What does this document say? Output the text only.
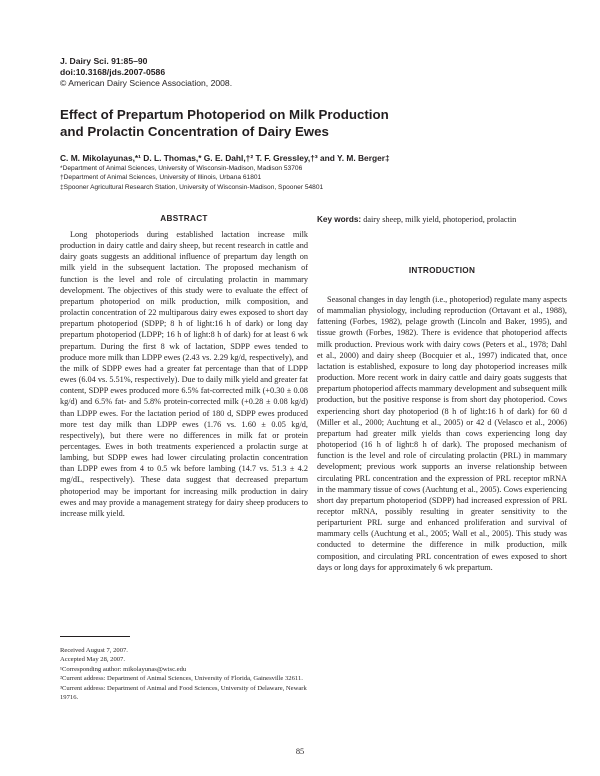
J. Dairy Sci. 91:85–90
doi:10.3168/jds.2007-0586
© American Dairy Science Association, 2008.
Effect of Prepartum Photoperiod on Milk Production
and Prolactin Concentration of Dairy Ewes
C. M. Mikolayunas,*¹ D. L. Thomas,* G. E. Dahl,†² T. F. Gressley,†³ and Y. M. Berger‡
*Department of Animal Sciences, University of Wisconsin-Madison, Madison 53706
†Department of Animal Sciences, University of Illinois, Urbana 61801
‡Spooner Agricultural Research Station, University of Wisconsin-Madison, Spooner 54801
ABSTRACT

Long photoperiods during established lactation increase milk production in dairy cattle and dairy sheep, but recent research in cattle and dairy goats suggests an additional influence of prepartum day length on milk yield in the subsequent lactation. The proposed mechanism of function is the level and role of circulating prolactin in mammary development. The objectives of this study were to evaluate the effect of prepartum photoperiod on milk production, milk composition, and prolactin concentration of 22 multiparous dairy ewes exposed to short day prepartum photoperiod (SDPP; 8 h of light:16 h of dark) or long day prepartum photoperiod (LDPP; 16 h of light:8 h of dark) for at least 6 wk prepartum. During the first 8 wk of lactation, SDPP ewes tended to produce more milk than LDPP ewes (2.43 vs. 2.29 kg/d, respectively), and the milk of SDPP ewes had a greater fat percentage than that of LDPP ewes (6.04 vs. 5.51%, respectively). Due to daily milk yield and greater fat content, SDPP ewes produced more 6.5% fat-corrected milk (+0.30 ± 0.08 kg/d) and 6.5% fat- and 5.8% protein-corrected milk (+0.28 ± 0.08 kg/d) than LDPP ewes. For the lactation period of 180 d, SDPP ewes produced more test day milk than LDPP ewes (1.76 vs. 1.60 ± 0.05 kg/d, respectively), but there were no differences in milk fat or protein percentages. Ewes in both treatments experienced a prolactin surge at lambing, but SDPP ewes had lower circulating prolactin concentration than LDPP ewes from 4 to 0.5 wk before lambing (14.7 vs. 51.3 ± 4.2 mg/dL, respectively). These data suggest that decreased prepartum photoperiod may be important for increasing milk production in dairy ewes and may provide a management strategy for dairy sheep producers to increase milk yield.

Key words: dairy sheep, milk yield, photoperiod, prolactin
INTRODUCTION

Seasonal changes in day length (i.e., photoperiod) regulate many aspects of mammalian physiology, including reproduction (Ortavant et al., 1988), fattening (Forbes, 1982), pelage growth (Lincoln and Baker, 1995), and tissue growth (Forbes, 1982). There is evidence that photoperiod affects milk production. Previous work with dairy cows (Peters et al., 1978; Dahl et al., 2000) and dairy sheep (Bocquier et al., 1997) indicated that, once lactation is established, exposure to long day photoperiod increases milk production. More recent work in dairy cattle and dairy goats suggests that prepartum photoperiod affects mammary development and subsequent milk production, but the positive response is from short day photoperiod. Cows experiencing short day photoperiod (8 h of light:16 h of dark) for 60 d (Miller et al., 2000; Auchtung et al., 2005) or 42 d (Velasco et al., 2006) prepartum had greater milk yields than cows experiencing long day photoperiod (16 h of light:8 h of dark). The proposed mechanism of function is the level and role of circulating prolactin (PRL) in mammary development; previous work supports an inverse relationship between circulating PRL concentration and the expression of PRL receptor mRNA in the mammary tissue of cows (Auchtung et al., 2005). Cows experiencing short day prepartum photoperiod (SDPP) had increased expression of PRL receptor mRNA, possibly resulting in greater sensitivity to the periparturient PRL surge and enhanced proliferation and survival of mammary cells (Auchtung et al., 2005; Wall et al., 2005). This study was conducted to determine the difference in milk production, milk composition, and circulating PRL concentration of ewes exposed to short days or long days for approximately 6 wk prepartum.

Received August 7, 2007.
Accepted May 28, 2007.
¹Corresponding author: mikolayunas@wisc.edu
²Current address: Department of Animal Sciences, University of Florida, Gainesville 32611.
³Current address: Department of Animal and Food Sciences, University of Delaware, Newark 19716.
85
